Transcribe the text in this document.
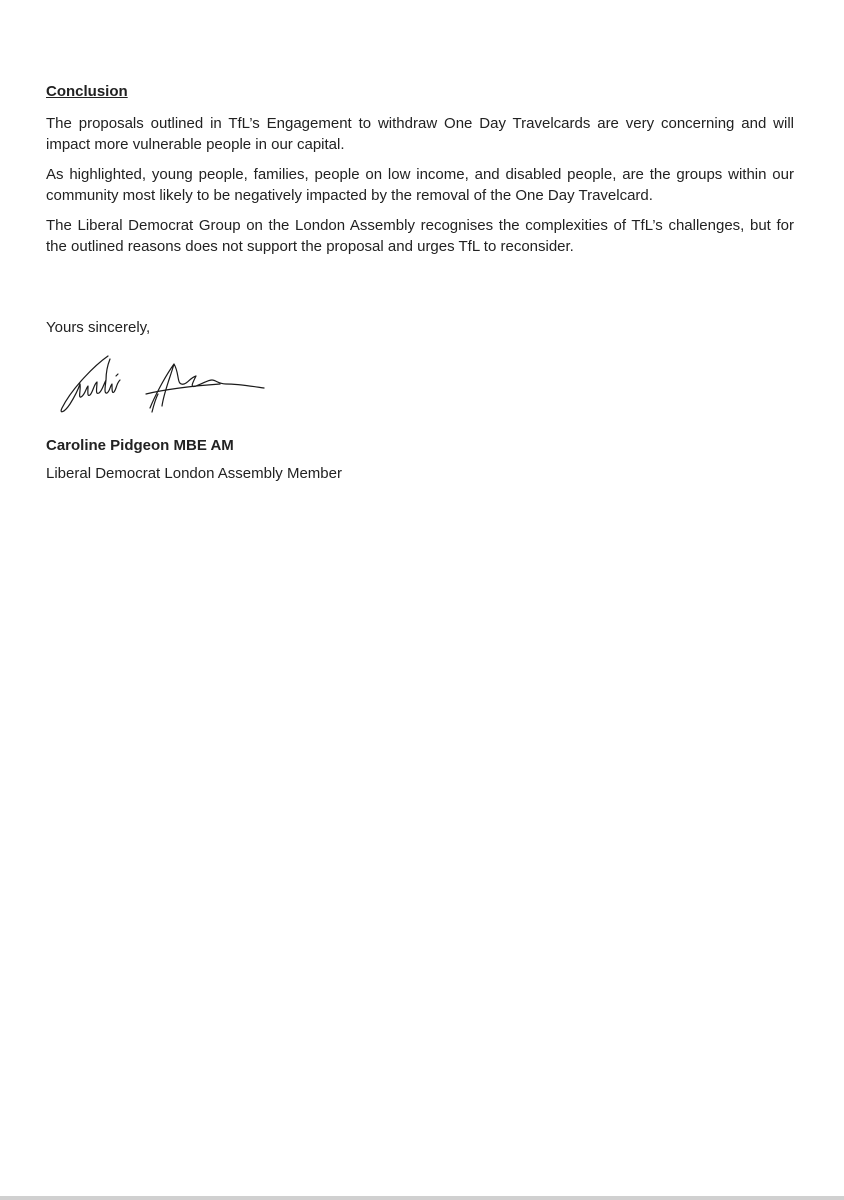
Conclusion

The proposals outlined in TfL’s Engagement to withdraw One Day Travelcards are very concerning and will impact more vulnerable people in our capital.

As highlighted, young people, families, people on low income, and disabled people, are the groups within our community most likely to be negatively impacted by the removal of the One Day Travelcard.

The Liberal Democrat Group on the London Assembly recognises the complexities of TfL’s challenges, but for the outlined reasons does not support the proposal and urges TfL to reconsider.

Yours sincerely,
Caroline Pidgeon MBE AM
Liberal Democrat London Assembly Member
